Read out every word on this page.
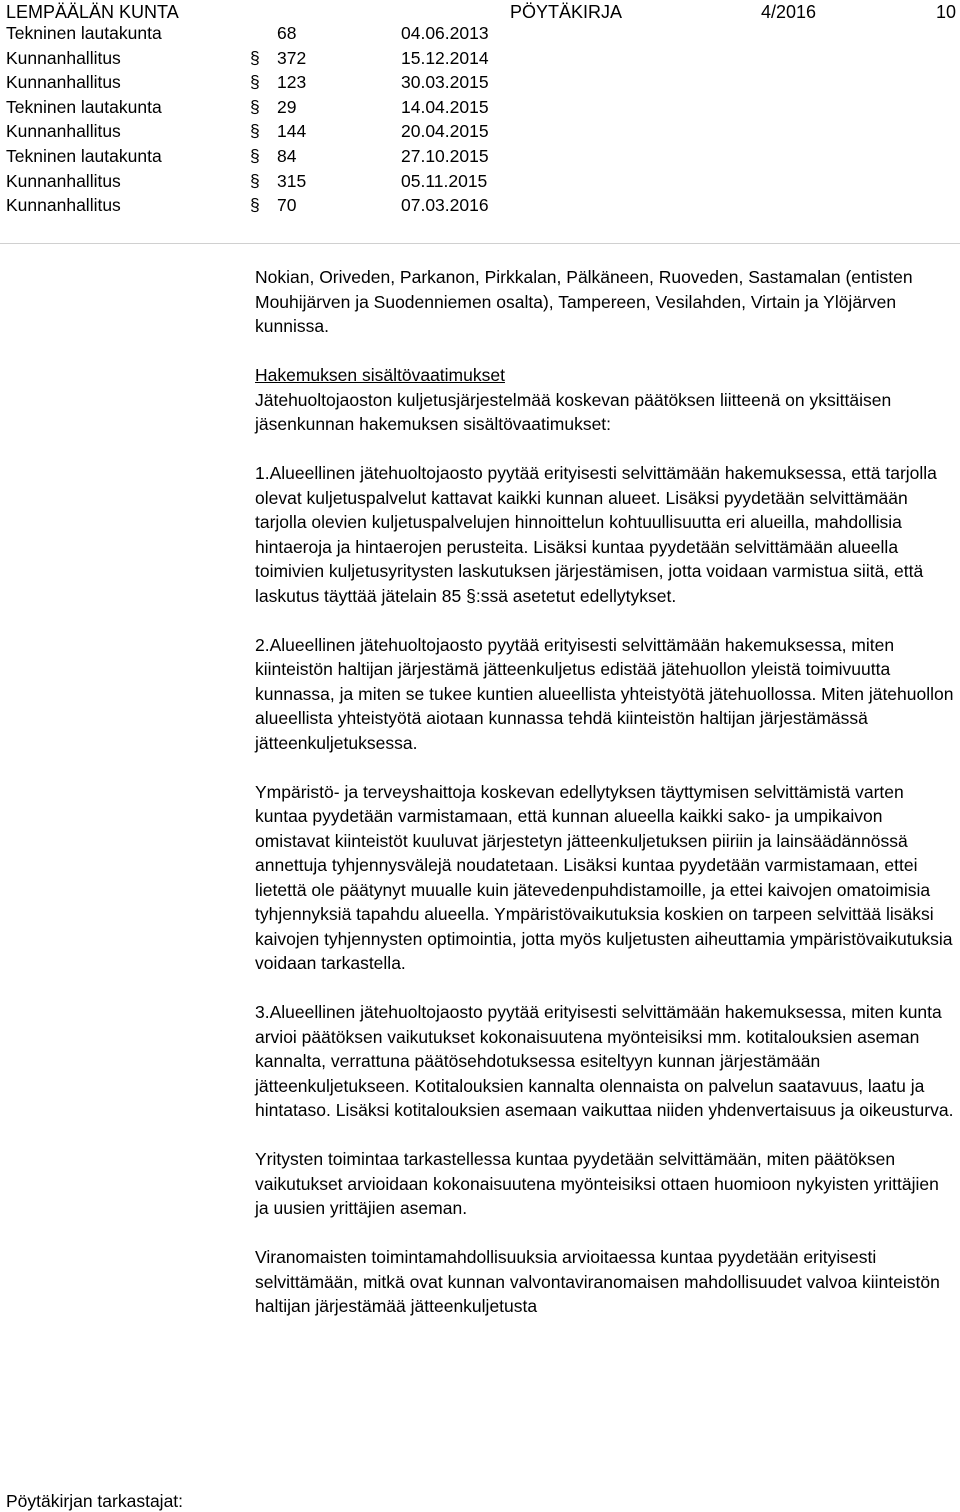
LEMPÄÄLÄN KUNTA	PÖYTÄKIRJA	4/2016	10
Tekninen lautakunta	68	04.06.2013
Kunnanhallitus	§ 372	15.12.2014
Kunnanhallitus	§ 123	30.03.2015
Tekninen lautakunta	§ 29	14.04.2015
Kunnanhallitus	§ 144	20.04.2015
Tekninen lautakunta	§ 84	27.10.2015
Kunnanhallitus	§ 315	05.11.2015
Kunnanhallitus	§ 70	07.03.2016

Nokian, Oriveden, Parkanon, Pirkkalan, Pälkäneen, Ruoveden, Sastamalan (entisten Mouhijärven ja Suodenniemen osalta), Tampereen, Vesilahden, Virtain ja Ylöjärven kunnissa.

Hakemuksen sisältövaatimukset

Jätehuoltojaoston kuljetusjärjestelmää koskevan päätöksen liitteenä on yksittäisen jäsenkunnan hakemuksen sisältövaatimukset:

1.Alueellinen jätehuoltojaosto pyytää erityisesti selvittämään hakemuksessa, että tarjolla olevat kuljetuspalvelut kattavat kaikki kunnan alueet. Lisäksi pyydetään selvittämään tarjolla olevien kuljetuspalvelujen hinnoittelun kohtuullisuutta eri alueilla, mahdollisia hintaeroja ja hintaerojen perusteita. Lisäksi kuntaa pyydetään selvittämään alueella toimivien kuljetusyritysten laskutuksen järjestämisen, jotta voidaan varmistua siitä, että laskutus täyttää jätelain 85 §:ssä asetetut edellytykset.

2.Alueellinen jätehuoltojaosto pyytää erityisesti selvittämään hakemuksessa, miten kiinteistön haltijan järjestämä jätteenkuljetus edistää jätehuollon yleistä toimivuutta kunnassa, ja miten se tukee kuntien alueellista yhteistyötä jätehuollossa. Miten jätehuollon alueellista yhteistyötä aiotaan kunnassa tehdä kiinteistön haltijan järjestämässä jätteenkuljetuksessa.

Ympäristö- ja terveyshaittoja koskevan edellytyksen täyttymisen selvittämistä varten kuntaa pyydetään varmistamaan, että kunnan alueella kaikki sako- ja umpikaivon omistavat kiinteistöt kuuluvat järjestetyn jätteenkuljetuksen piiriin ja lainsäädännössä annettuja tyhjennysvälejä noudatetaan. Lisäksi kuntaa pyydetään varmistamaan, ettei lietettä ole päätynyt muualle kuin jätevedenpuhdistamoille, ja ettei kaivojen omatoimisia tyhjennyksiä tapahdu alueella. Ympäristövaikutuksia koskien on tarpeen selvittää lisäksi kaivojen tyhjennysten optimointia, jotta myös kuljetusten aiheuttamia ympäristövaikutuksia voidaan tarkastella.

3.Alueellinen jätehuoltojaosto pyytää erityisesti selvittämään hakemuksessa, miten kunta arvioi päätöksen vaikutukset kokonaisuutena myönteisiksi mm. kotitalouksien aseman kannalta, verrattuna päätösehdotuksessa esiteltyyn kunnan järjestämään jätteenkuljetukseen. Kotitalouksien kannalta olennaista on palvelun saatavuus, laatu ja hintataso. Lisäksi kotitalouksien asemaan vaikuttaa niiden yhdenvertaisuus ja oikeusturva.

Yritysten toimintaa tarkastellessa kuntaa pyydetään selvittämään, miten päätöksen vaikutukset arvioidaan kokonaisuutena myönteisiksi ottaen huomioon nykyisten yrittäjien ja uusien yrittäjien aseman.

Viranomaisten toimintamahdollisuuksia arvioitaessa kuntaa pyydetään erityisesti selvittämään, mitkä ovat kunnan valvontaviranomaisen mahdollisuudet valvoa kiinteistön haltijan järjestämää jätteenkuljetusta

Pöytäkirjan tarkastajat:
